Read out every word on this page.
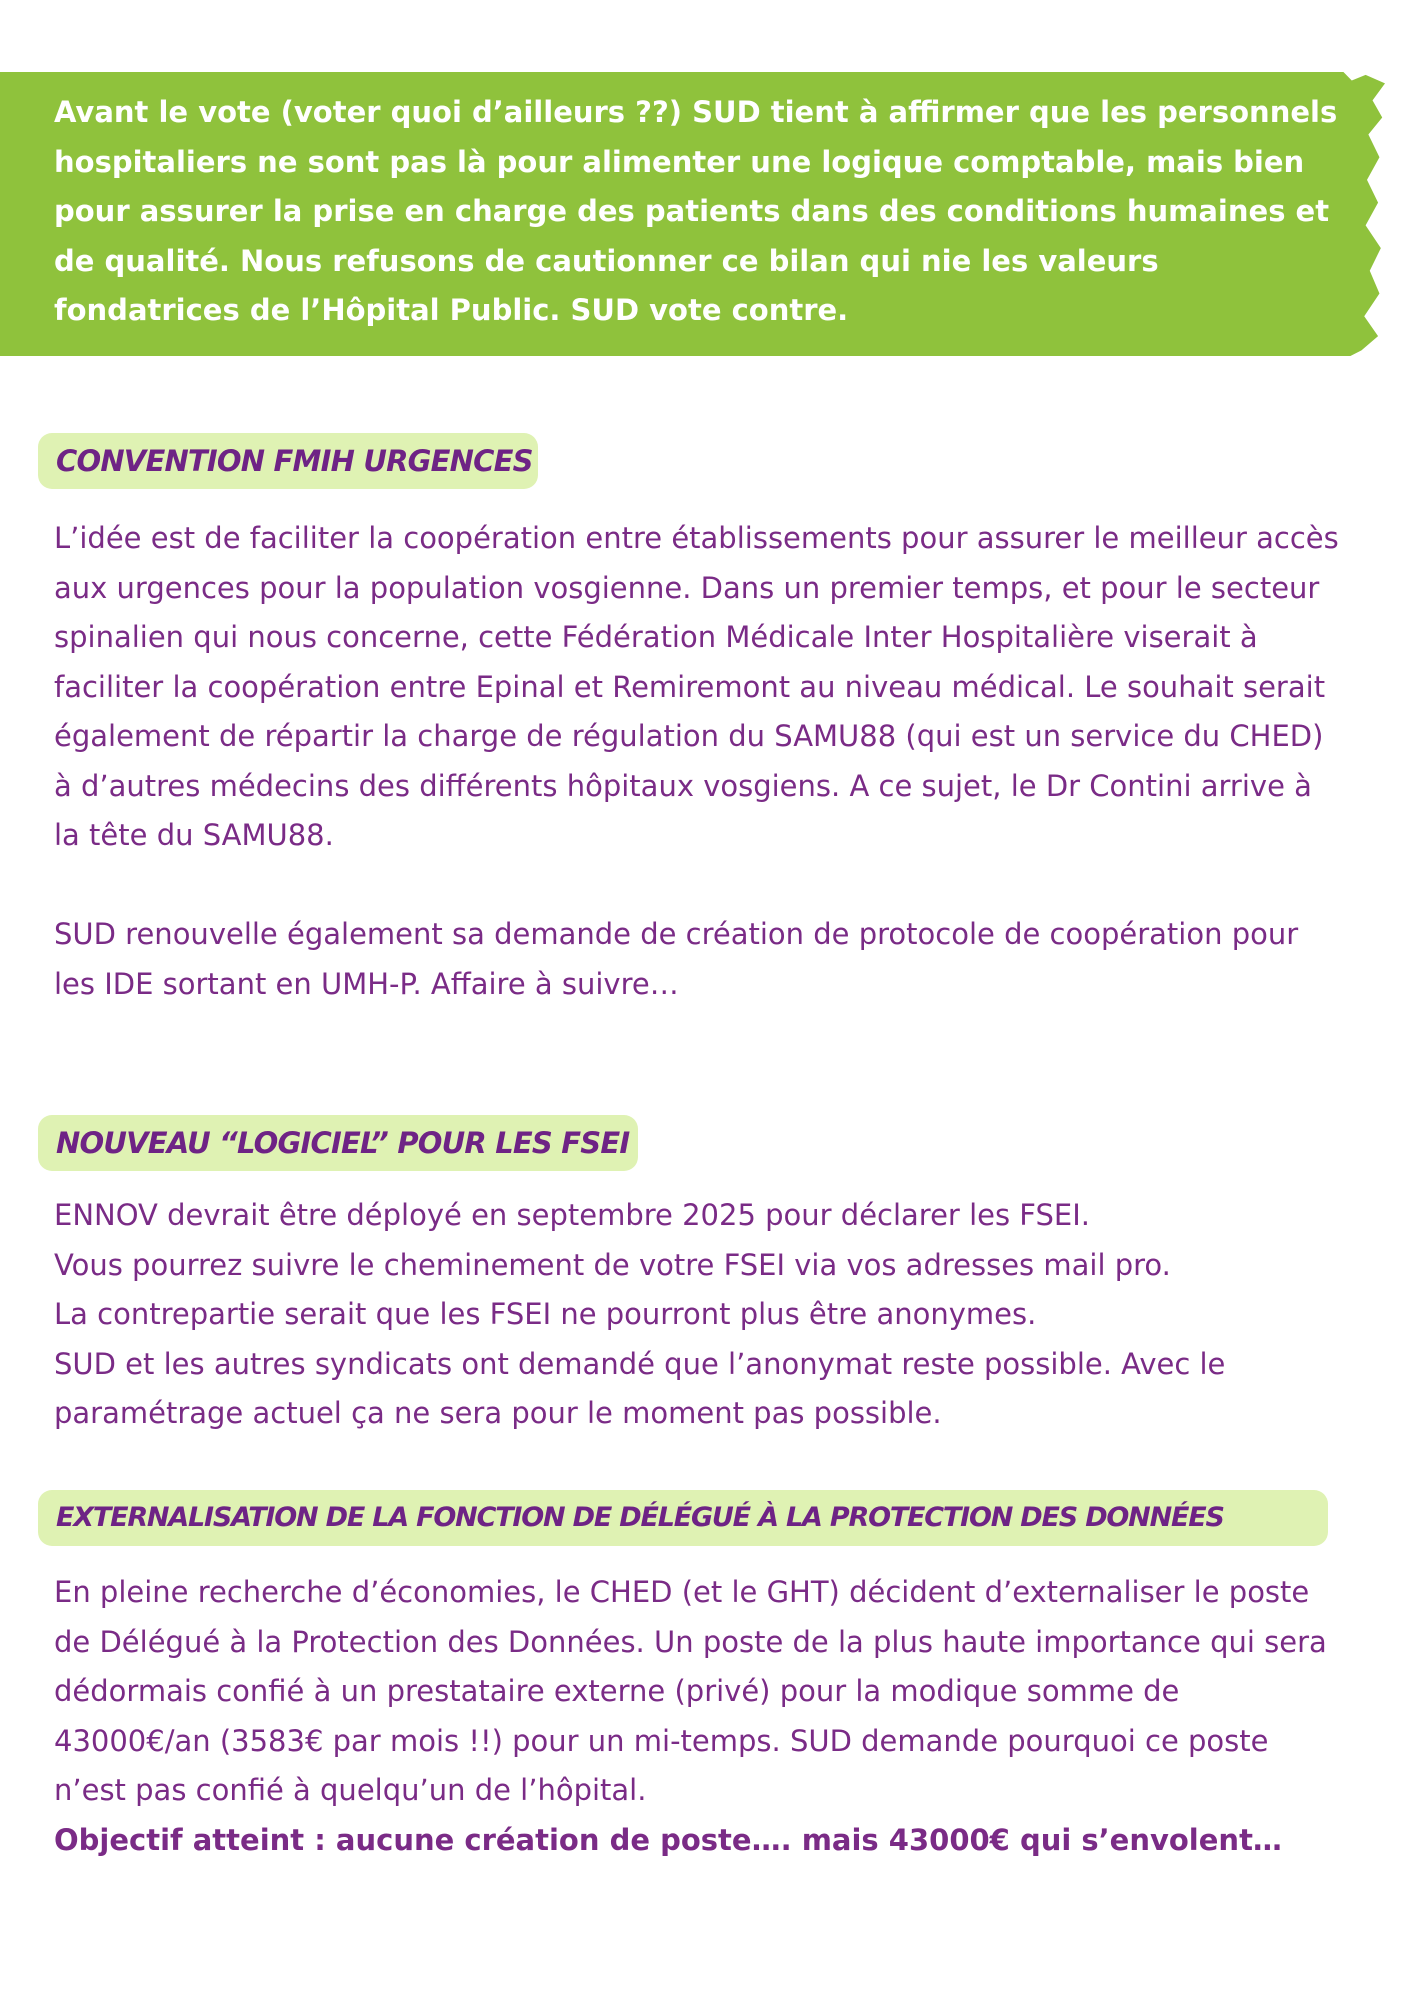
Avant le vote (voter quoi d’ailleurs ??) SUD tient à affirmer que les personnels hospitaliers ne sont pas là pour alimenter une logique comptable, mais bien pour assurer la prise en charge des patients dans des conditions humaines et de qualité. Nous refusons de cautionner ce bilan qui nie les valeurs fondatrices de l’Hôpital Public. SUD vote contre.

CONVENTION FMIH URGENCES

L’idée est de faciliter la coopération entre établissements pour assurer le meilleur accès aux urgences pour la population vosgienne. Dans un premier temps, et pour le secteur spinalien qui nous concerne, cette Fédération Médicale Inter Hospitalière viserait à faciliter la coopération entre Epinal et Remiremont au niveau médical. Le souhait serait également de répartir la charge de régulation du SAMU88 (qui est un service du CHED) à d’autres médecins des différents hôpitaux vosgiens. A ce sujet, le Dr Contini arrive à la tête du SAMU88.

SUD renouvelle également sa demande de création de protocole de coopération pour les IDE sortant en UMH-P. Affaire à suivre…

NOUVEAU “LOGICIEL” POUR LES FSEI

ENNOV devrait être déployé en septembre 2025 pour déclarer les FSEI.

Vous pourrez suivre le cheminement de votre FSEI via vos adresses mail pro.

La contrepartie serait que les FSEI ne pourront plus être anonymes.

SUD et les autres syndicats ont demandé que l’anonymat reste possible. Avec le paramétrage actuel ça ne sera pour le moment pas possible.

EXTERNALISATION DE LA FONCTION DE DÉLÉGUÉ À LA PROTECTION DES DONNÉES

En pleine recherche d’économies, le CHED (et le GHT) décident d’externaliser le poste de Délégué à la Protection des Données. Un poste de la plus haute importance qui sera dédormais confié à un prestataire externe (privé) pour la modique somme de 43000€/an (3583€ par mois !!) pour un mi-temps. SUD demande pourquoi ce poste n’est pas confié à quelqu’un de l’hôpital.

Objectif atteint : aucune création de poste…. mais 43000€ qui s’envolent…
